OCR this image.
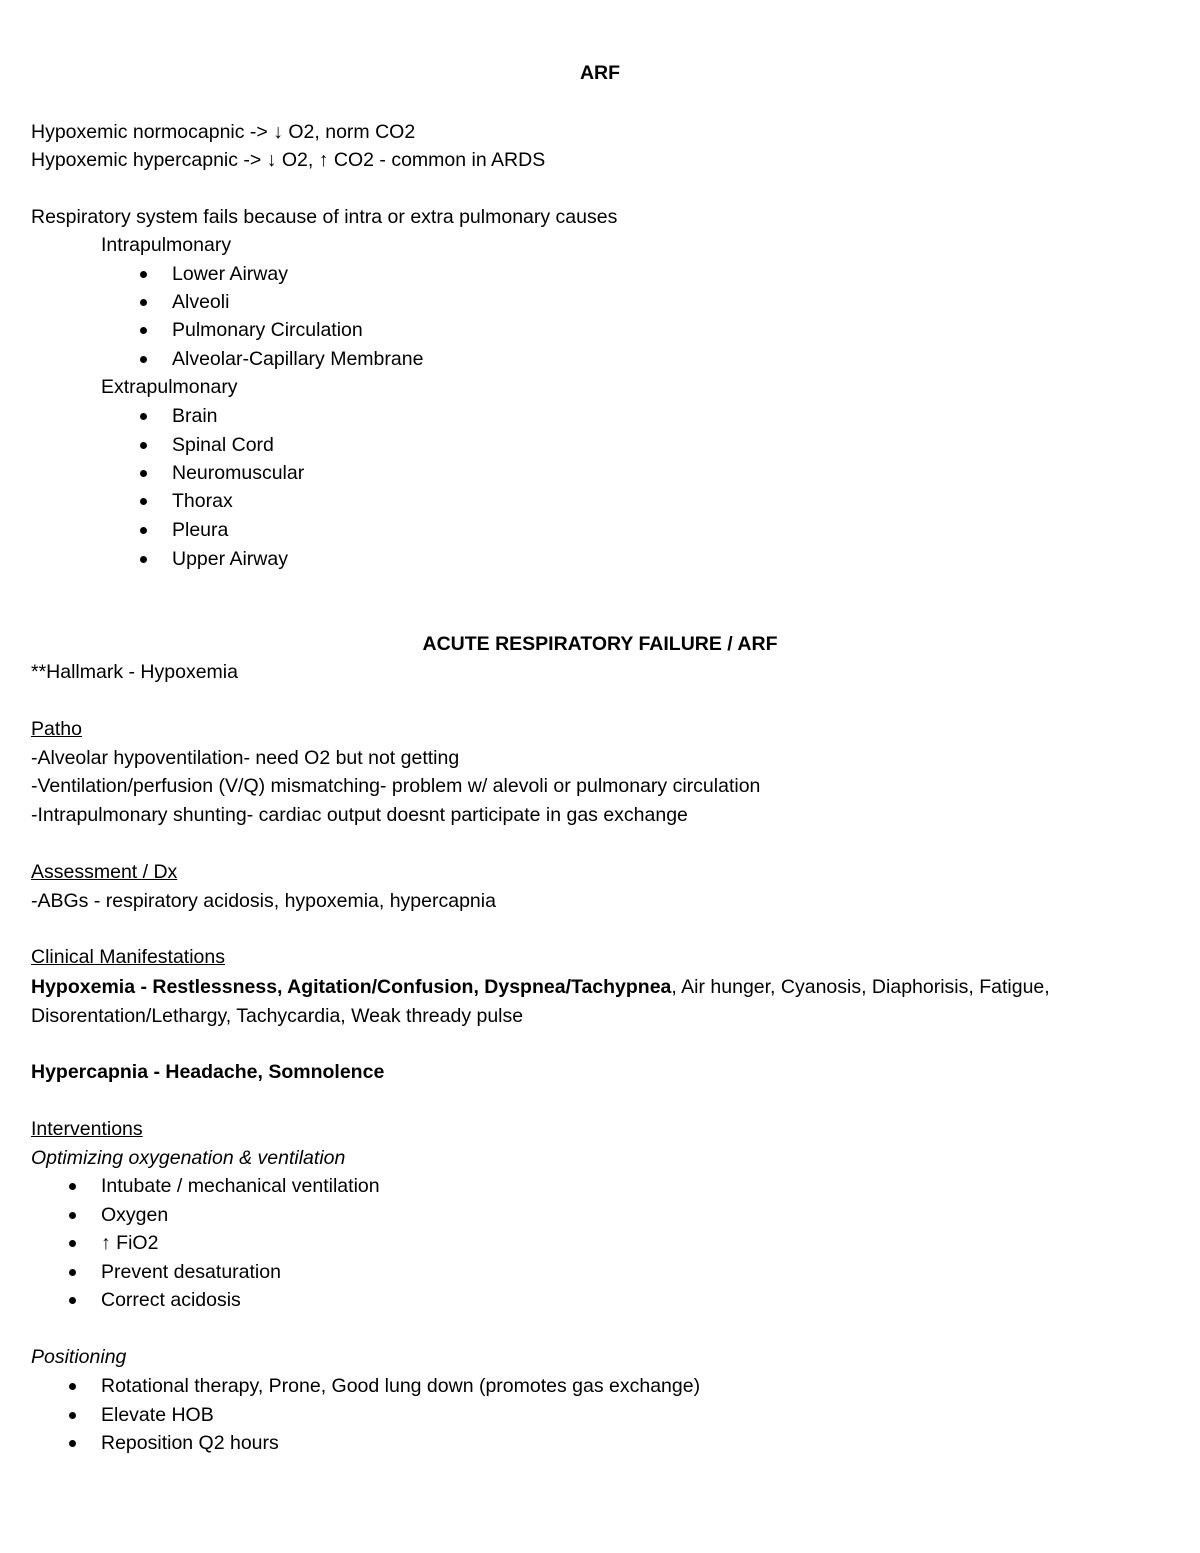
ARF
Hypoxemic normocapnic -> ↓ O2, norm CO2
Hypoxemic hypercapnic -> ↓ O2, ↑ CO2 - common in ARDS
Respiratory system fails because of intra or extra pulmonary causes
Intrapulmonary
Lower Airway
Alveoli
Pulmonary Circulation
Alveolar-Capillary Membrane
Extrapulmonary
Brain
Spinal Cord
Neuromuscular
Thorax
Pleura
Upper Airway
ACUTE RESPIRATORY FAILURE / ARF
**Hallmark - Hypoxemia
Patho
-Alveolar hypoventilation- need O2 but not getting
-Ventilation/perfusion (V/Q) mismatching- problem w/ alevoli or pulmonary circulation
-Intrapulmonary shunting- cardiac output doesnt participate in gas exchange
Assessment / Dx
-ABGs - respiratory acidosis, hypoxemia, hypercapnia
Clinical Manifestations
Hypoxemia - Restlessness, Agitation/Confusion, Dyspnea/Tachypnea, Air hunger, Cyanosis, Diaphorisis, Fatigue,
Disorentation/Lethargy, Tachycardia, Weak thready pulse
Hypercapnia - Headache, Somnolence
Interventions
Optimizing oxygenation & ventilation
Intubate / mechanical ventilation
Oxygen
↑ FiO2
Prevent desaturation
Correct acidosis
Positioning
Rotational therapy, Prone, Good lung down (promotes gas exchange)
Elevate HOB
Reposition Q2 hours
